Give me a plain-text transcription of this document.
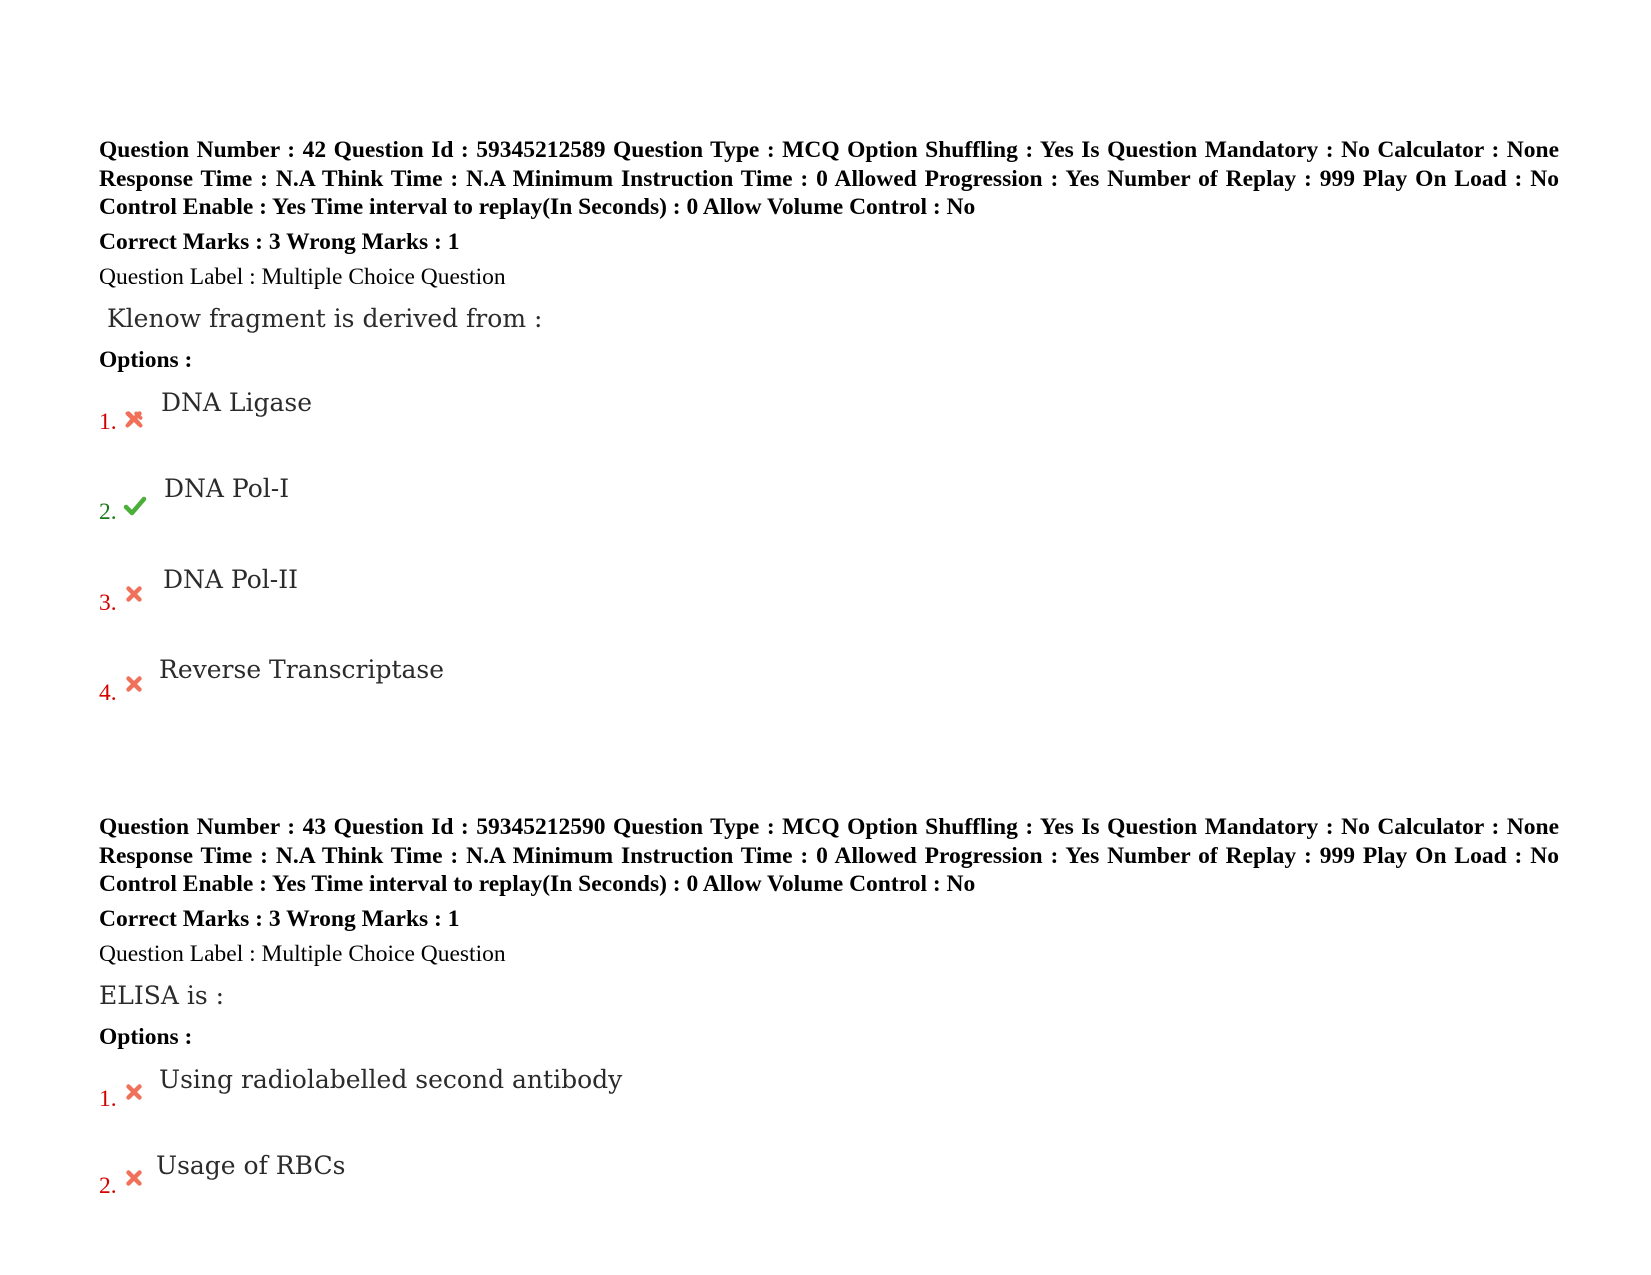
Question Number : 42 Question Id : 59345212589 Question Type : MCQ Option Shuffling : Yes Is Question Mandatory : No Calculator : None Response Time : N.A Think Time : N.A Minimum Instruction Time : 0 Allowed Progression : Yes Number of Replay : 999 Play On Load : No Control Enable : Yes Time interval to replay(In Seconds) : 0 Allow Volume Control : No

Correct Marks : 3 Wrong Marks : 1
Question Label : Multiple Choice Question
Klenow fragment is derived from :
Options :
1.
DNA Ligase
2.
DNA Pol-I
3.
DNA Pol-II
4.
Reverse Transcriptase

Question Number : 43 Question Id : 59345212590 Question Type : MCQ Option Shuffling : Yes Is Question Mandatory : No Calculator : None Response Time : N.A Think Time : N.A Minimum Instruction Time : 0 Allowed Progression : Yes Number of Replay : 999 Play On Load : No Control Enable : Yes Time interval to replay(In Seconds) : 0 Allow Volume Control : No

Correct Marks : 3 Wrong Marks : 1
Question Label : Multiple Choice Question
ELISA is :
Options :
1.
Using radiolabelled second antibody
2.
Usage of RBCs
